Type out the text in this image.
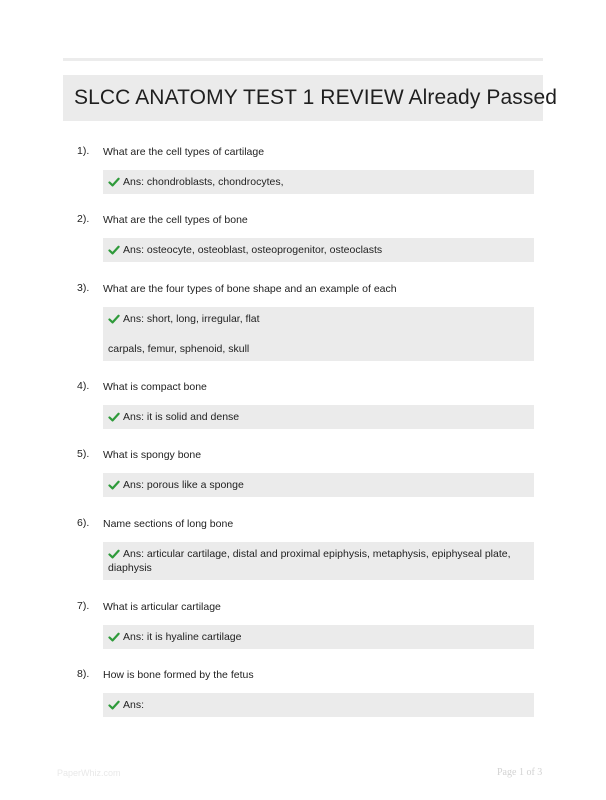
SLCC ANATOMY TEST 1 REVIEW Already Passed
1). What are the cell types of cartilage
Ans: chondroblasts, chondrocytes,
2). What are the cell types of bone
Ans: osteocyte, osteoblast, osteoprogenitor, osteoclasts
3). What are the four types of bone shape and an example of each
Ans: short, long, irregular, flat
carpals, femur, sphenoid, skull
4). What is compact bone
Ans: it is solid and dense
5). What is spongy bone
Ans: porous like a sponge
6). Name sections of long bone
Ans: articular cartilage, distal and proximal epiphysis, metaphysis, epiphyseal plate,
diaphysis
7). What is articular cartilage
Ans: it is hyaline cartilage
8). How is bone formed by the fetus
Ans:
PaperWhiz.com	Page 1 of 3
